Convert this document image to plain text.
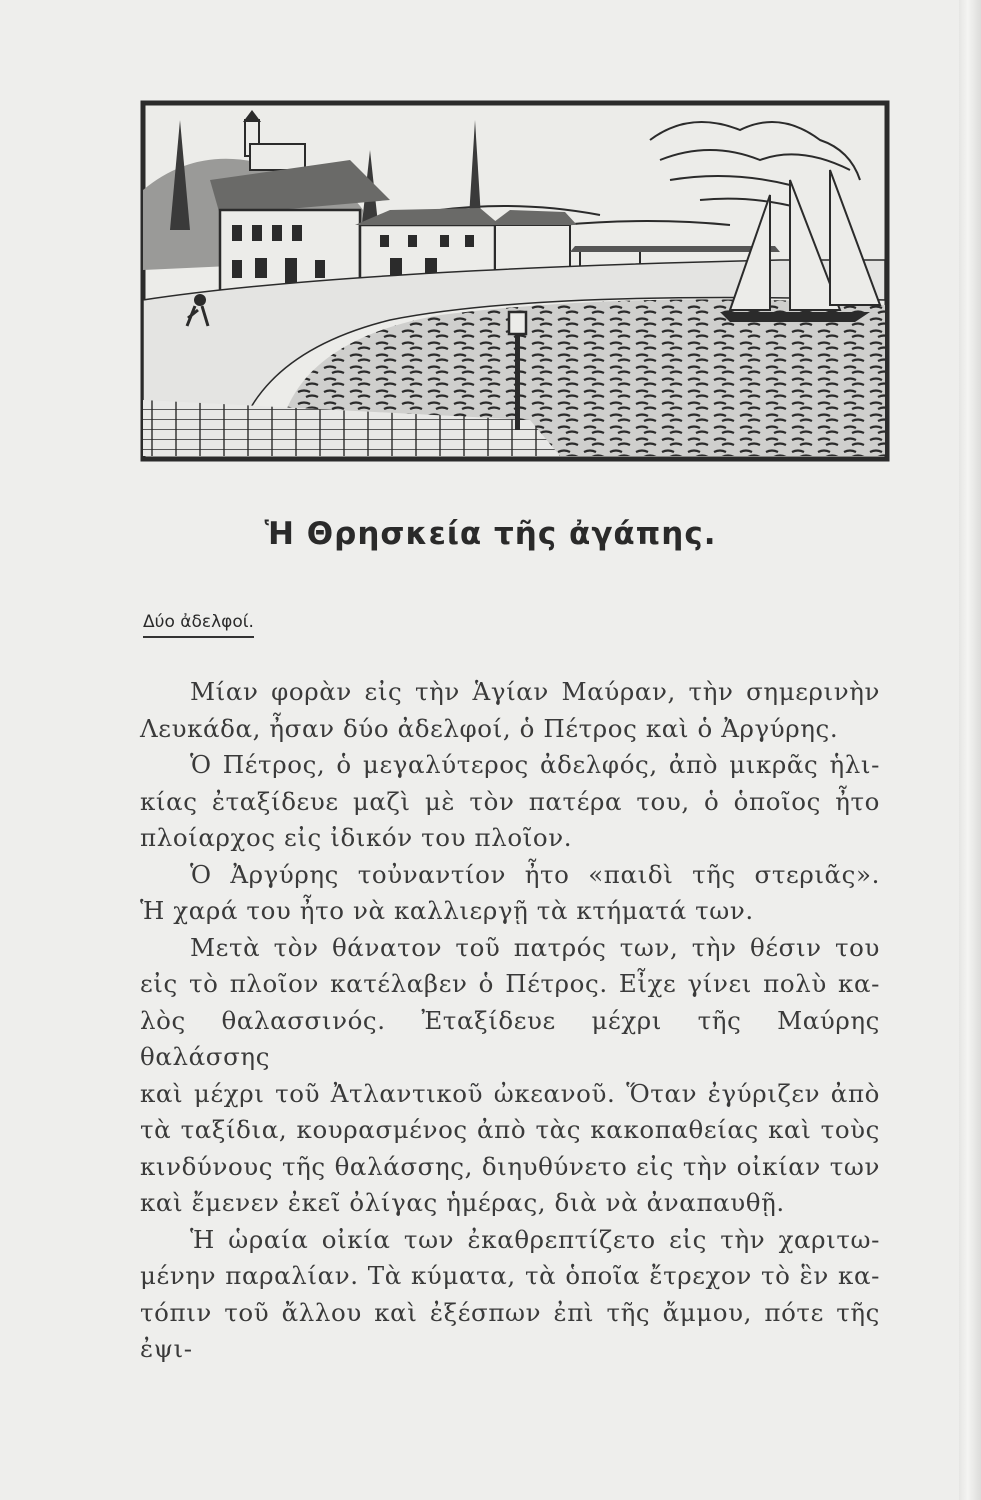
Ἡ Θρησκεία τῆς ἀγάπης.
Δύο ἀδελφοί.

Μίαν φορὰν εἰς τὴν Ἁγίαν Μαύραν, τὴν σημερινὴν
Λευκάδα, ἦσαν δύο ἀδελφοί, ὁ Πέτρος καὶ ὁ Ἀργύρης.

Ὁ Πέτρος, ὁ μεγαλύτερος ἀδελφός, ἀπὸ μικρᾶς ἡλι-
κίας ἐταξίδευε μαζὶ μὲ τὸν πατέρα του, ὁ ὁποῖος ἦτο
πλοίαρχος εἰς ἰδικόν του πλοῖον.

Ὁ Ἀργύρης τοὐναντίον ἦτο «παιδὶ τῆς στεριᾶς».
Ἡ χαρά του ἦτο νὰ καλλιεργῇ τὰ κτήματά των.

Μετὰ τὸν θάνατον τοῦ πατρός των, τὴν θέσιν του
εἰς τὸ πλοῖον κατέλαβεν ὁ Πέτρος. Εἶχε γίνει πολὺ κα-
λὸς θαλασσινός. Ἐταξίδευε μέχρι τῆς Μαύρης θαλάσσης
καὶ μέχρι τοῦ Ἀτλαντικοῦ ὠκεανοῦ. Ὅταν ἐγύριζεν ἀπὸ
τὰ ταξίδια, κουρασμένος ἀπὸ τὰς κακοπαθείας καὶ τοὺς
κινδύνους τῆς θαλάσσης, διηυθύνετο εἰς τὴν οἰκίαν των
καὶ ἔμενεν ἐκεῖ ὀλίγας ἡμέρας, διὰ νὰ ἀναπαυθῇ.

Ἡ ὡραία οἰκία των ἐκαθρεπτίζετο εἰς τὴν χαριτω-
μένην παραλίαν. Τὰ κύματα, τὰ ὁποῖα ἔτρεχον τὸ ἓν κα-
τόπιν τοῦ ἄλλου καὶ ἐξέσπων ἐπὶ τῆς ἄμμου, πότε τῆς ἐψι-
